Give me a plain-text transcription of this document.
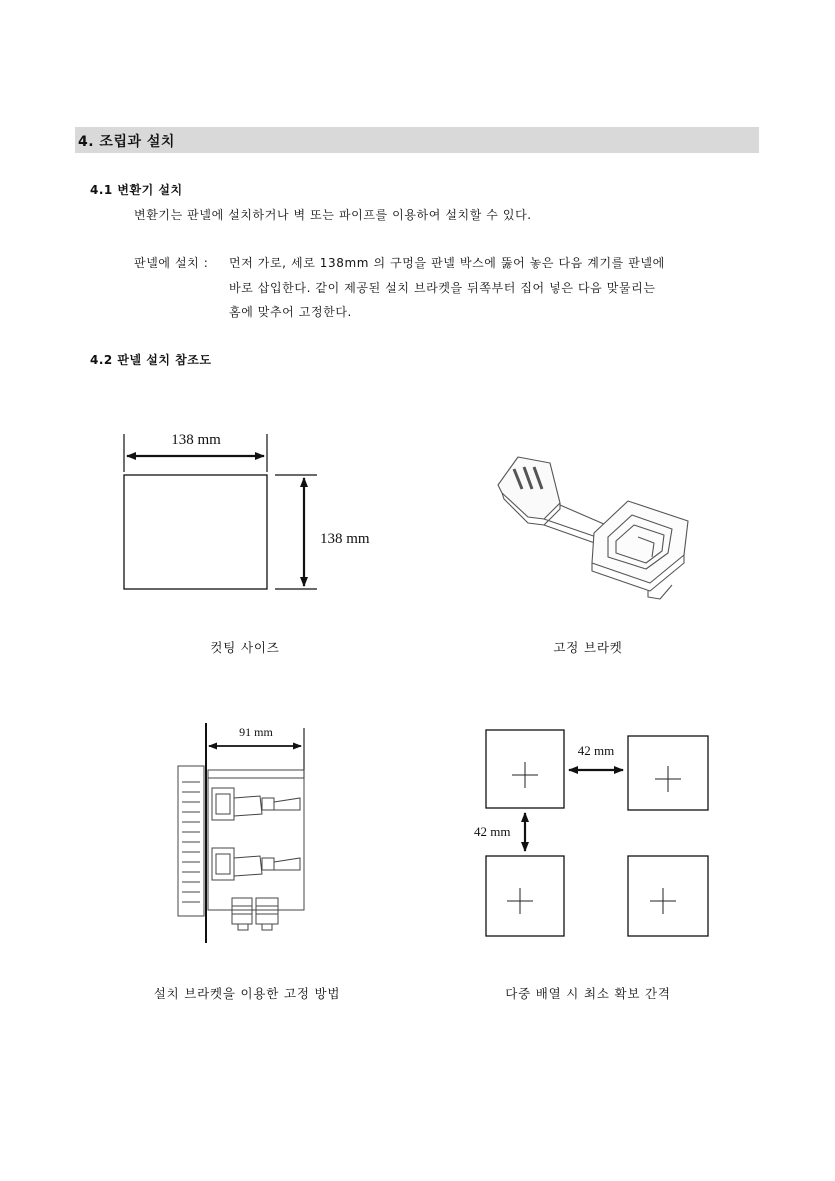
4. 조립과 설치
4.1 변환기 설치
변환기는 판넬에 설치하거나 벽 또는 파이프를 이용하여 설치할 수 있다.
판넬에 설치 : 먼저 가로, 세로 138mm 의 구멍을 판넬 박스에 뚫어 놓은 다음 계기를 판넬에
바로 삽입한다. 같이 제공된 설치 브라켓을 뒤쪽부터 집어 넣은 다음 맞물리는
홈에 맞추어 고정한다.
4.2 판넬 설치 참조도
138 mm
138 mm
컷팅 사이즈	고정 브라켓
91 mm
42 mm
42 mm
설치 브라켓을 이용한 고정 방법	다중 배열 시 최소 확보 간격
